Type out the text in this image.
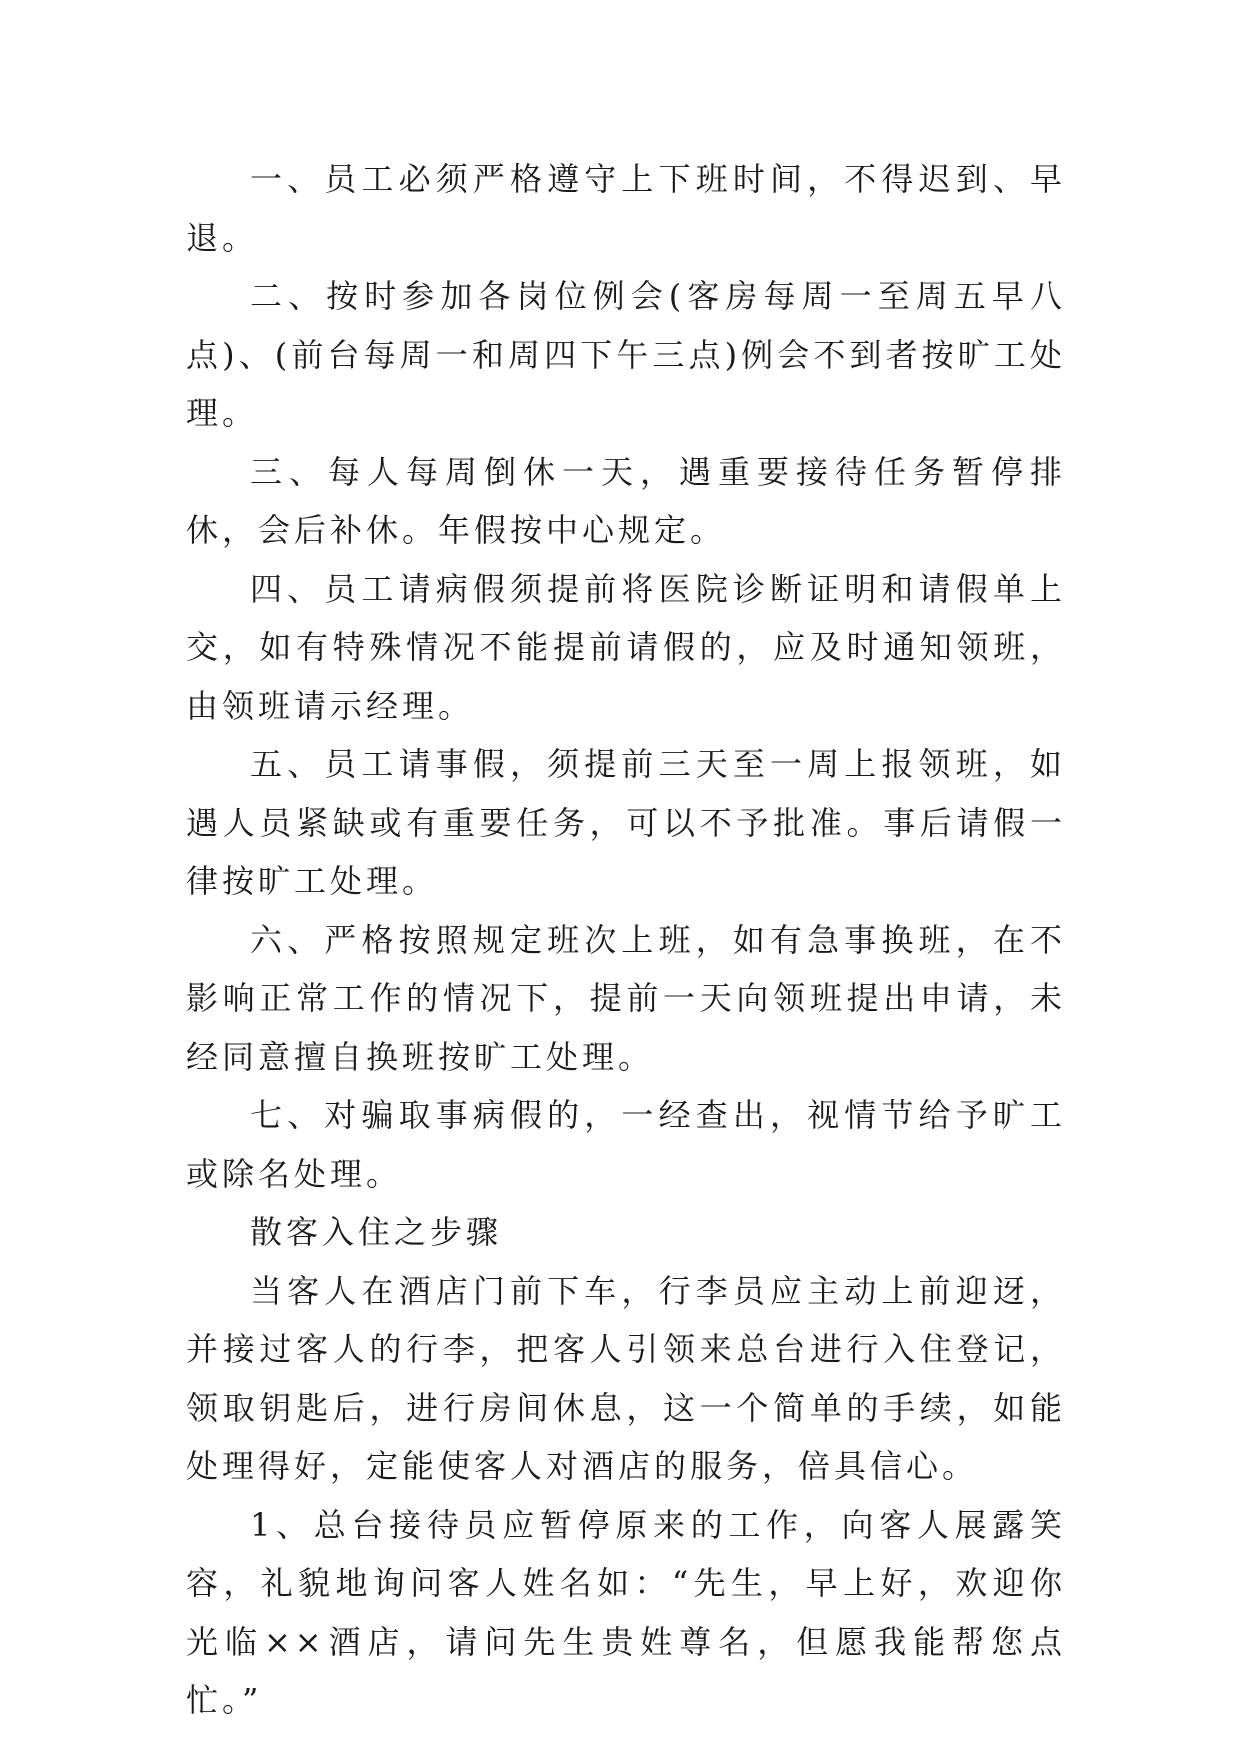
一、员工必须严格遵守上下班时间，不得迟到、早退。

二、按时参加各岗位例会(客房每周一至周五早八点)、(前台每周一和周四下午三点)例会不到者按旷工处理。

三、每人每周倒休一天，遇重要接待任务暂停排休，会后补休。年假按中心规定。

四、员工请病假须提前将医院诊断证明和请假单上交，如有特殊情况不能提前请假的，应及时通知领班，由领班请示经理。

五、员工请事假，须提前三天至一周上报领班，如遇人员紧缺或有重要任务，可以不予批准。事后请假一律按旷工处理。

六、严格按照规定班次上班，如有急事换班，在不影响正常工作的情况下，提前一天向领班提出申请，未经同意擅自换班按旷工处理。

七、对骗取事病假的，一经查出，视情节给予旷工或除名处理。

散客入住之步骤

当客人在酒店门前下车，行李员应主动上前迎迓，并接过客人的行李，把客人引领来总台进行入住登记，领取钥匙后，进行房间休息，这一个简单的手续，如能处理得好，定能使客人对酒店的服务，倍具信心。

1、总台接待员应暂停原来的工作，向客人展露笑容，礼貌地询问客人姓名如：“先生，早上好，欢迎你光临××酒店，请问先生贵姓尊名，但愿我能帮您点忙。”
